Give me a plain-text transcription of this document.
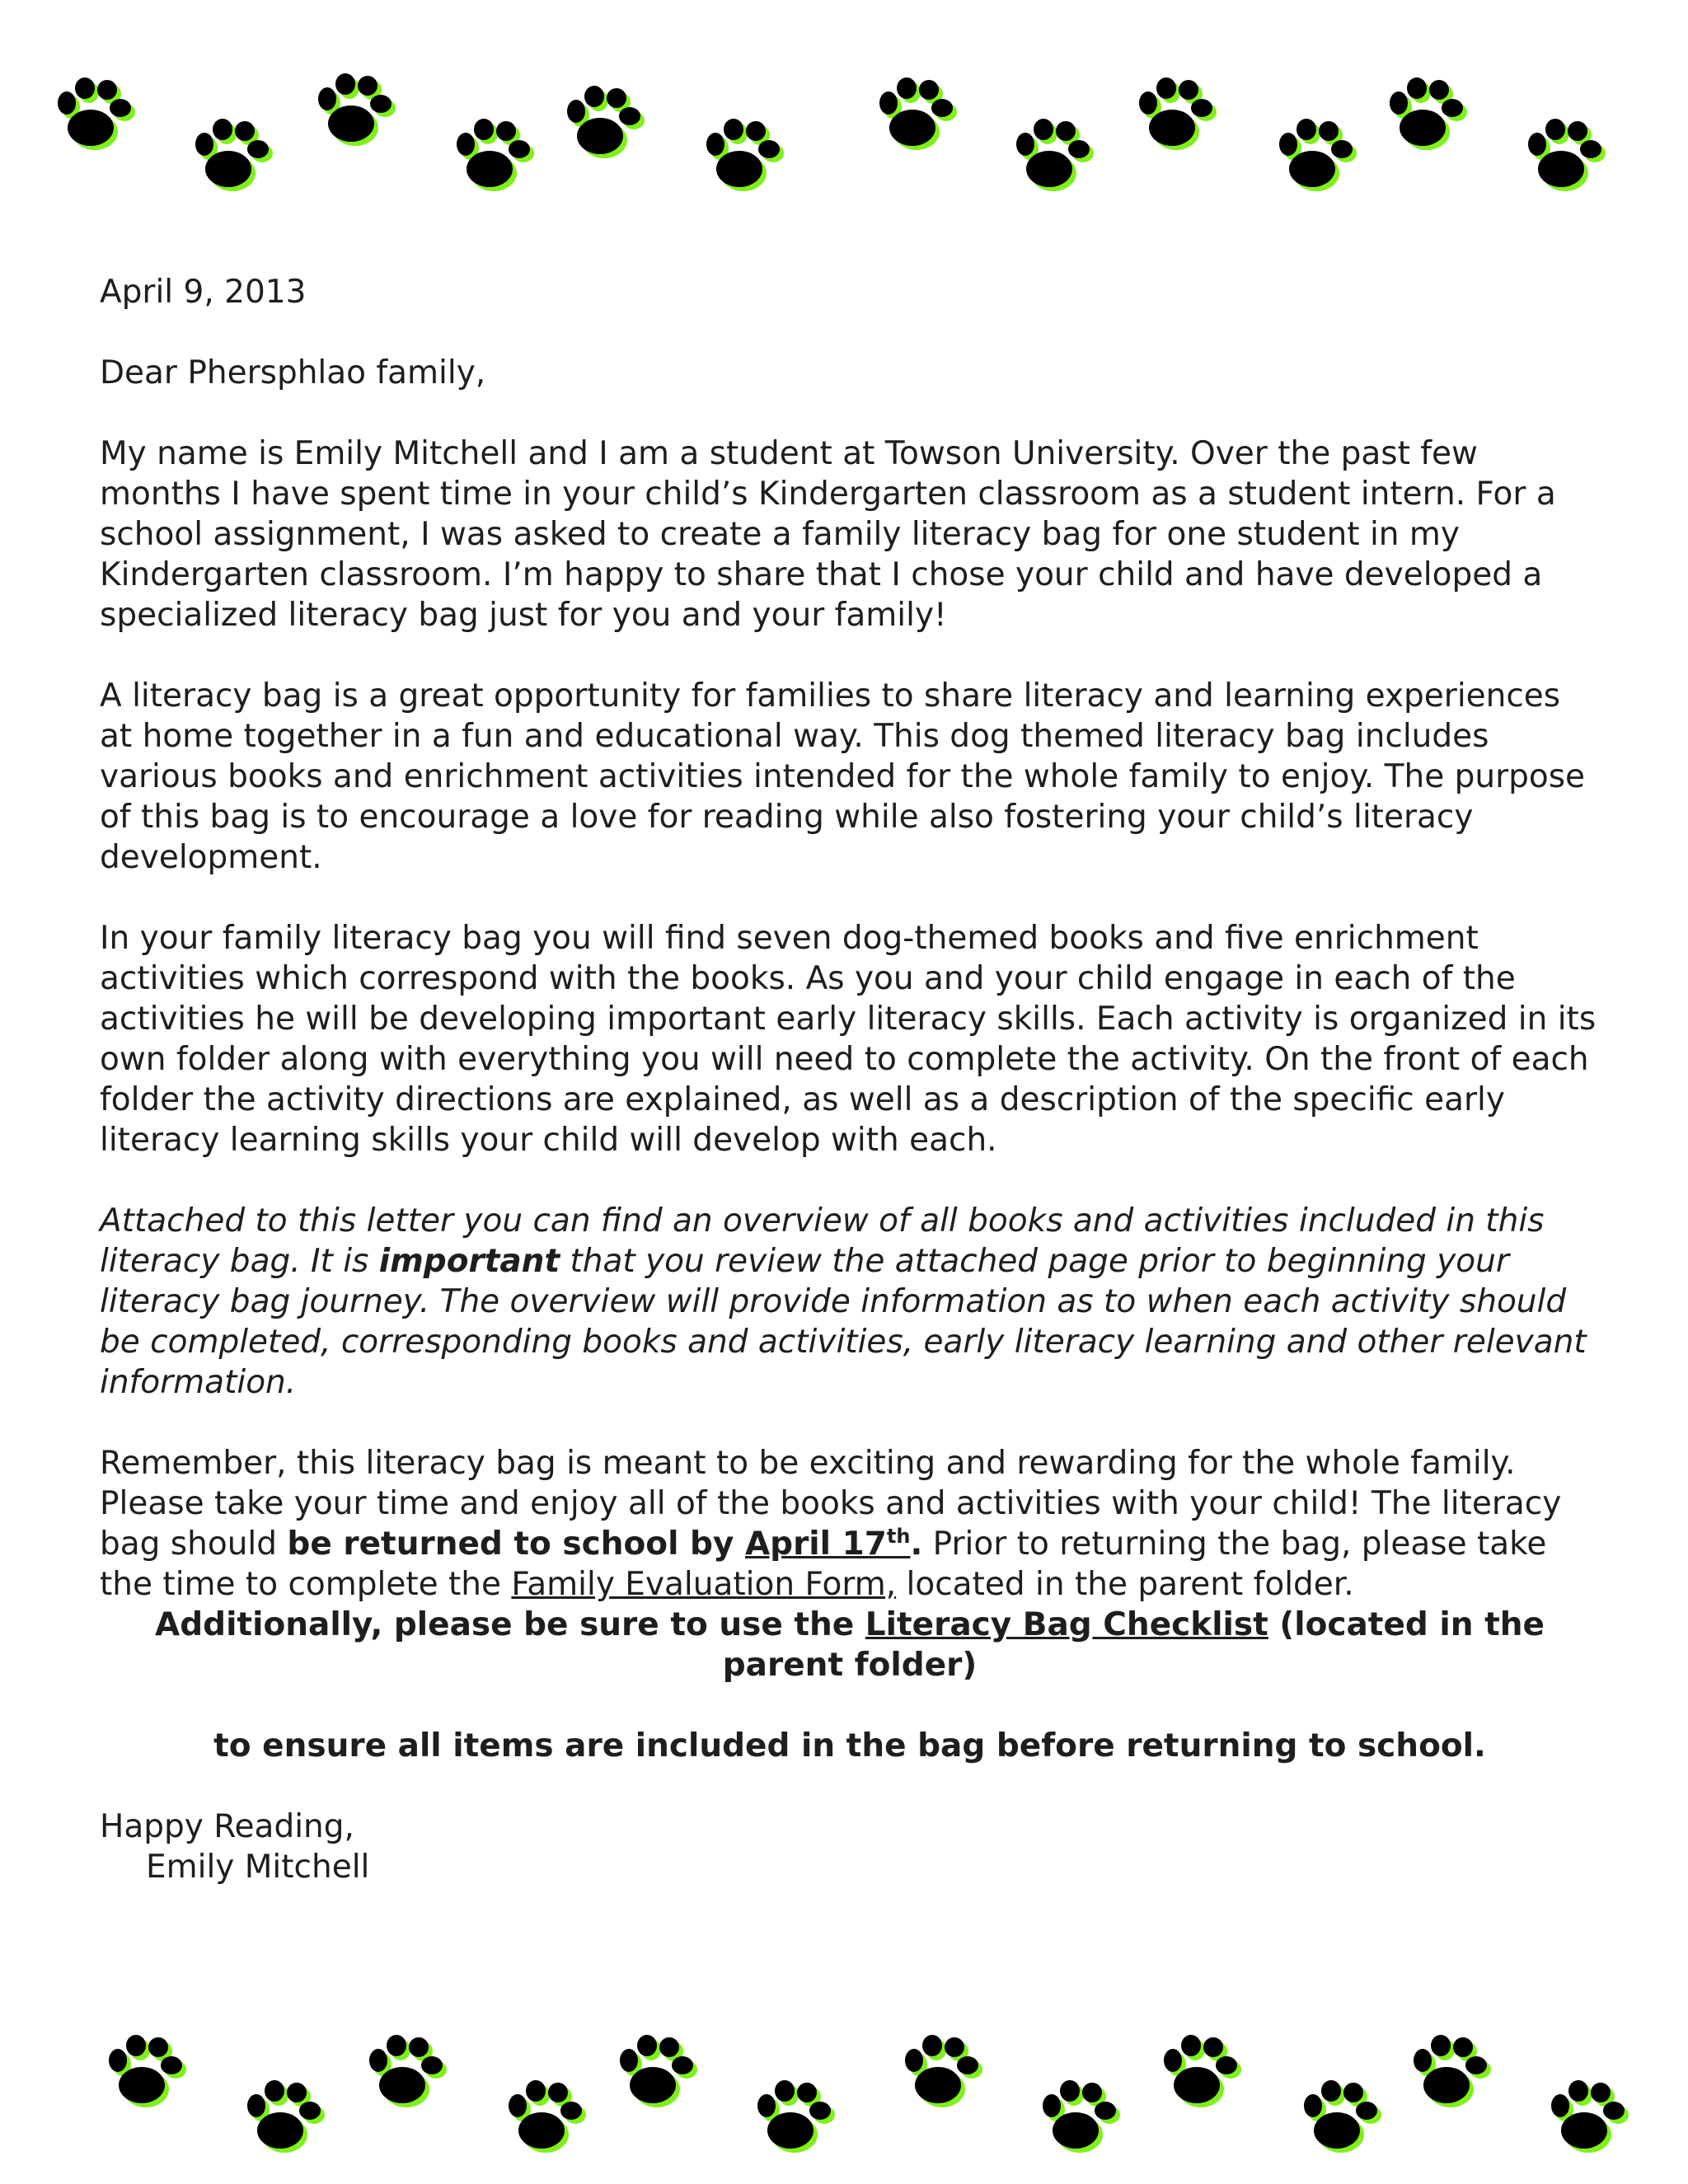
April 9, 2013

Dear Phersphlao family,

My name is Emily Mitchell and I am a student at Towson University. Over the past few months I have spent time in your child’s Kindergarten classroom as a student intern. For a school assignment, I was asked to create a family literacy bag for one student in my Kindergarten classroom. I’m happy to share that I chose your child and have developed a specialized literacy bag just for you and your family!

A literacy bag is a great opportunity for families to share literacy and learning experiences at home together in a fun and educational way. This dog themed literacy bag includes various books and enrichment activities intended for the whole family to enjoy. The purpose of this bag is to encourage a love for reading while also fostering your child’s literacy development.

In your family literacy bag you will find seven dog-themed books and five enrichment activities which correspond with the books. As you and your child engage in each of the activities he will be developing important early literacy skills. Each activity is organized in its own folder along with everything you will need to complete the activity. On the front of each folder the activity directions are explained, as well as a description of the specific early literacy learning skills your child will develop with each.

Attached to this letter you can find an overview of all books and activities included in this literacy bag. It is important that you review the attached page prior to beginning your literacy bag journey. The overview will provide information as to when each activity should be completed, corresponding books and activities, early literacy learning and other relevant information.

Remember, this literacy bag is meant to be exciting and rewarding for the whole family. Please take your time and enjoy all of the books and activities with your child! The literacy bag should be returned to school by April 17th. Prior to returning the bag, please take the time to complete the Family Evaluation Form, located in the parent folder.

Additionally, please be sure to use the Literacy Bag Checklist (located in the parent folder)

to ensure all items are included in the bag before returning to school.

Happy Reading,

Emily Mitchell
